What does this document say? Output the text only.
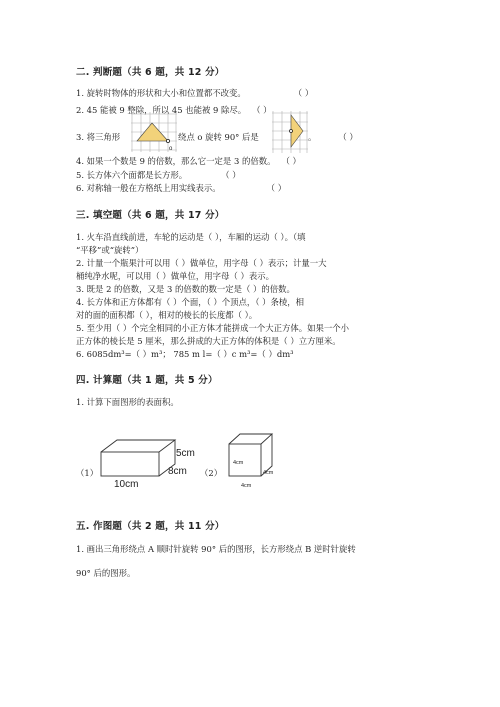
二. 判断题（共 6 题，共 12 分）
1. 旋转时物体的形状和大小和位置都不改变。	（ ）
2. 45 能被 9 整除，所以 45 也能被 9 除尽。 （ ）
3. 将三角形
o
绕点 o 旋转 90° 后是	。	（ ）
4. 如果一个数是 9 的倍数，那么它一定是 3 的倍数。 （ ）
5. 长方体六个面都是长方形。	（ ）
6. 对称轴一般在方格纸上用实线表示。	（ ）
三. 填空题（共 6 题，共 17 分）
1. 火车沿直线前进，车轮的运动是（ ），车厢的运动（ ）。（填
“平移”或“旋转”）
2. 计量一个瓶果汁可以用（ ）做单位，用字母（ ）表示；计量一大
桶纯净水呢，可以用（ ）做单位，用字母（ ）表示。
3. 既是 2 的倍数，又是 3 的倍数的数一定是（ ）的倍数。
4. 长方体和正方体都有（ ）个面，（ ）个顶点，（ ）条棱，相
对的面的面积都（ ），相对的棱长的长度都（ ）。
5. 至少用（ ）个完全相同的小正方体才能拼成一个大正方体。如果一个小
正方体的棱长是 5 厘米，那么拼成的大正方体的体积是（ ）立方厘米。
6. 6085dm³=（ ）m³； 785 m l=（ ）c m³=（ ）dm³
四. 计算题（共 1 题，共 5 分）
1. 计算下面图形的表面积。
（1）
5cm
8cm
10cm
（2）
4cm
4cm
4cm
五. 作图题（共 2 题，共 11 分）
1. 画出三角形绕点 A 顺时针旋转 90° 后的图形，长方形绕点 B 逆时针旋转
90° 后的图形。
